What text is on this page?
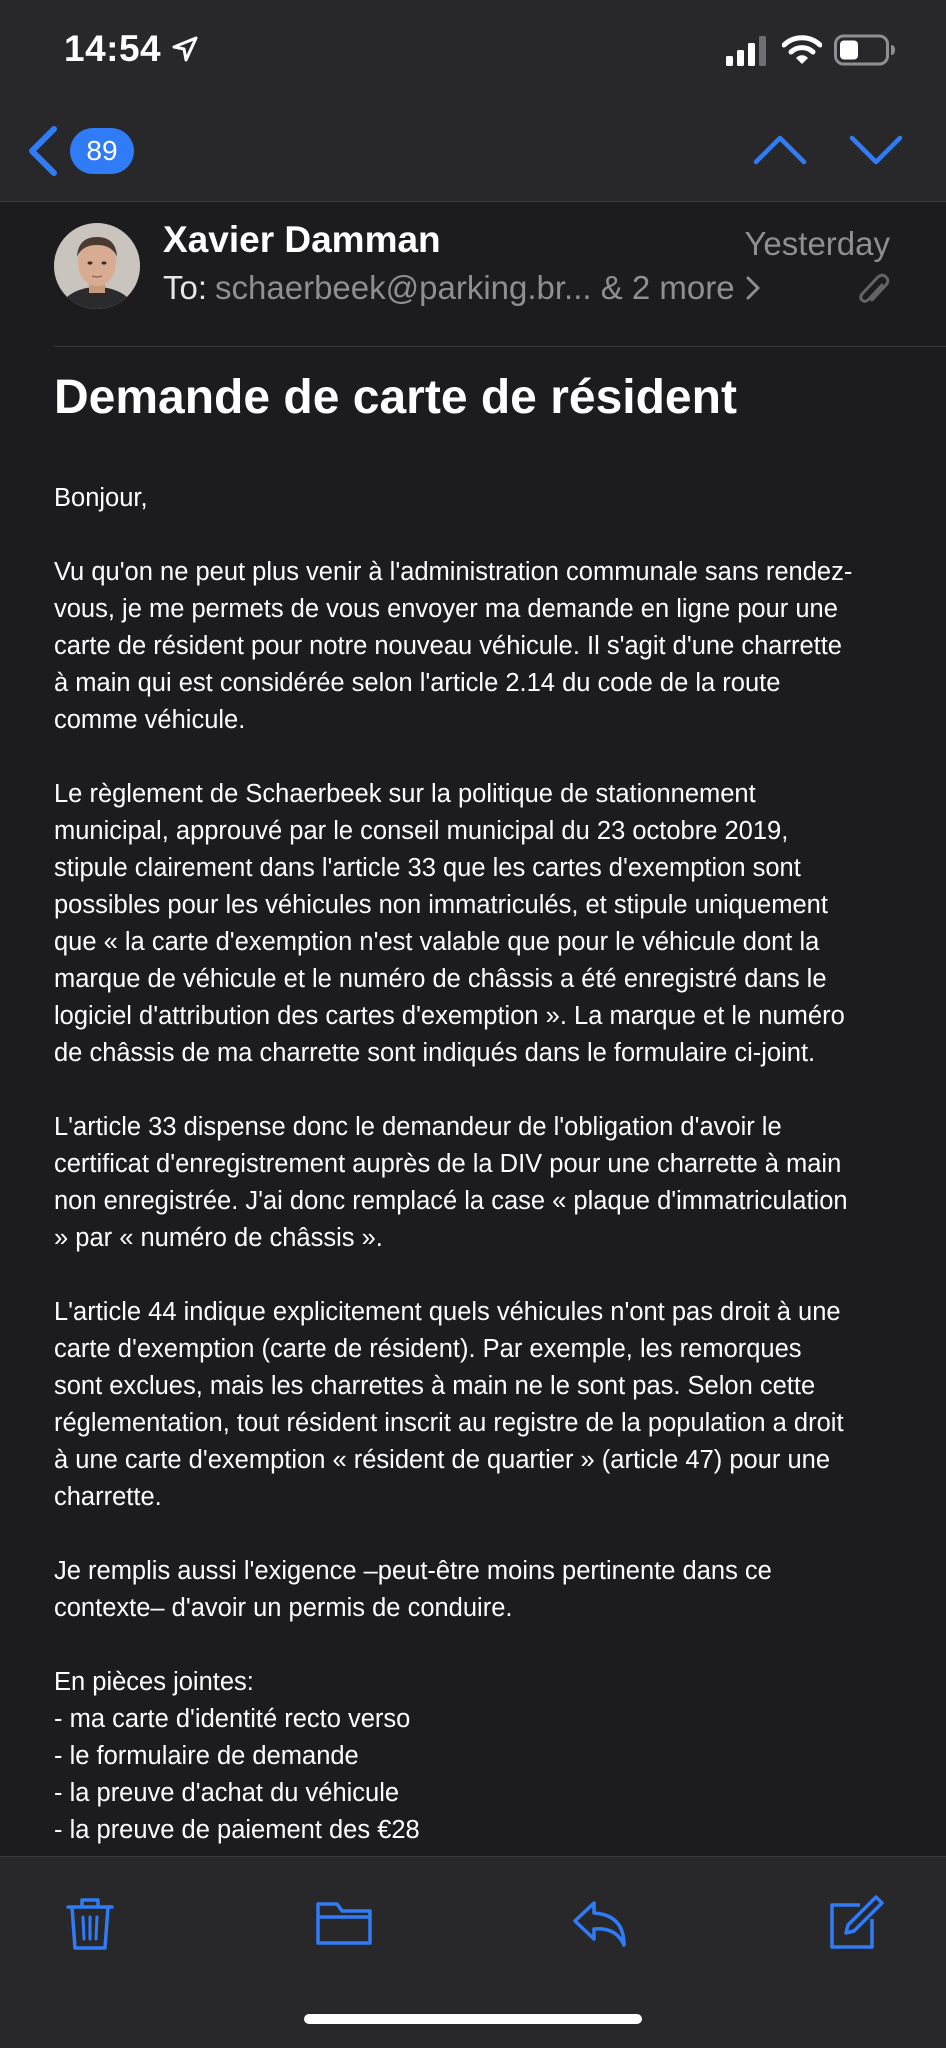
14:54
89
Xavier Damman	Yesterday
To: schaerbeek@parking.br... & 2 more
Demande de carte de résident
Bonjour,
Vu qu'on ne peut plus venir à l'administration communale sans rendez-
vous, je me permets de vous envoyer ma demande en ligne pour une
carte de résident pour notre nouveau véhicule. Il s'agit d'une charrette
à main qui est considérée selon l'article 2.14 du code de la route
comme véhicule.
Le règlement de Schaerbeek sur la politique de stationnement
municipal, approuvé par le conseil municipal du 23 octobre 2019,
stipule clairement dans l'article 33 que les cartes d'exemption sont
possibles pour les véhicules non immatriculés, et stipule uniquement
que « la carte d'exemption n'est valable que pour le véhicule dont la
marque de véhicule et le numéro de châssis a été enregistré dans le
logiciel d'attribution des cartes d'exemption ». La marque et le numéro
de châssis de ma charrette sont indiqués dans le formulaire ci-joint.
L'article 33 dispense donc le demandeur de l'obligation d'avoir le
certificat d'enregistrement auprès de la DIV pour une charrette à main
non enregistrée. J'ai donc remplacé la case « plaque d'immatriculation
» par « numéro de châssis ».
L'article 44 indique explicitement quels véhicules n'ont pas droit à une
carte d'exemption (carte de résident). Par exemple, les remorques
sont exclues, mais les charrettes à main ne le sont pas. Selon cette
réglementation, tout résident inscrit au registre de la population a droit
à une carte d'exemption « résident de quartier » (article 47) pour une
charrette.
Je remplis aussi l'exigence –peut-être moins pertinente dans ce
contexte– d'avoir un permis de conduire.
En pièces jointes:
- ma carte d'identité recto verso
- le formulaire de demande
- la preuve d'achat du véhicule
- la preuve de paiement des €28
